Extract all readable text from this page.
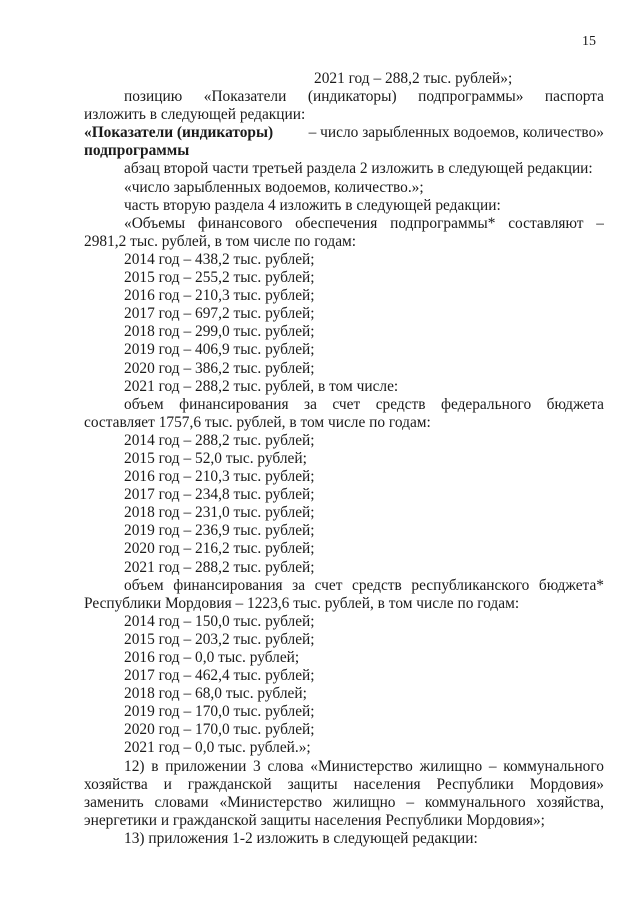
15
2021 год – 288,2 тыс. рублей»;
позицию «Показатели (индикаторы) подпрограммы» паспорта
изложить в следующей редакции:
«Показатели (индикаторы) – число зарыбленных водоемов, количество»
подпрограммы
абзац второй части третьей раздела 2 изложить в следующей редакции:
«число зарыбленных водоемов, количество.»;
часть вторую раздела 4 изложить в следующей редакции:
«Объемы финансового обеспечения подпрограммы* составляют –
2981,2 тыс. рублей, в том числе по годам:
2014 год – 438,2 тыс. рублей;
2015 год – 255,2 тыс. рублей;
2016 год – 210,3 тыс. рублей;
2017 год – 697,2 тыс. рублей;
2018 год – 299,0 тыс. рублей;
2019 год – 406,9 тыс. рублей;
2020 год – 386,2 тыс. рублей;
2021 год – 288,2 тыс. рублей, в том числе:
объем финансирования за счет средств федерального бюджета
составляет 1757,6 тыс. рублей, в том числе по годам:
2014 год – 288,2 тыс. рублей;
2015 год – 52,0 тыс. рублей;
2016 год – 210,3 тыс. рублей;
2017 год – 234,8 тыс. рублей;
2018 год – 231,0 тыс. рублей;
2019 год – 236,9 тыс. рублей;
2020 год – 216,2 тыс. рублей;
2021 год – 288,2 тыс. рублей;
объем финансирования за счет средств республиканского бюджета*
Республики Мордовия – 1223,6 тыс. рублей, в том числе по годам:
2014 год – 150,0 тыс. рублей;
2015 год – 203,2 тыс. рублей;
2016 год – 0,0 тыс. рублей;
2017 год – 462,4 тыс. рублей;
2018 год – 68,0 тыс. рублей;
2019 год – 170,0 тыс. рублей;
2020 год – 170,0 тыс. рублей;
2021 год – 0,0 тыс. рублей.»;
12) в приложении 3 слова «Министерство жилищно – коммунального
хозяйства и гражданской защиты населения Республики Мордовия»
заменить словами «Министерство жилищно – коммунального хозяйства,
энергетики и гражданской защиты населения Республики Мордовия»;
13) приложения 1-2 изложить в следующей редакции:
